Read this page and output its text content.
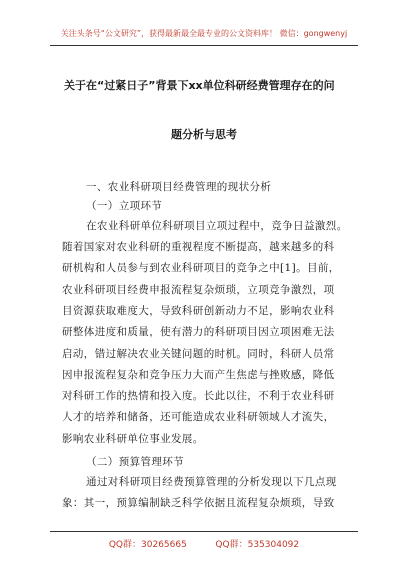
关注头条号“公文研究”，获得最新最全最专业的公文资料库！ 微信：gongwenyj
关于在“过紧日子”背景下xx单位科研经费管理存在的问
题分析与思考
一、农业科研项目经费管理的现状分析
（一）立项环节
在农业科研单位科研项目立项过程中，竞争日益激烈。
随着国家对农业科研的重视程度不断提高，越来越多的科
研机构和人员参与到农业科研项目的竞争之中[1]。目前，
农业科研项目经费申报流程复杂烦琐，立项竞争激烈，项
目资源获取难度大，导致科研创新动力不足，影响农业科
研整体进度和质量，使有潜力的科研项目因立项困难无法
启动，错过解决农业关键问题的时机。同时，科研人员常
因申报流程复杂和竞争压力大而产生焦虑与挫败感，降低
对科研工作的热情和投入度。长此以往，不利于农业科研
人才的培养和储备，还可能造成农业科研领域人才流失，
影响农业科研单位事业发展。
（二）预算管理环节
通过对科研项目经费预算管理的分析发现以下几点现
象：其一，预算编制缺乏科学依据且流程复杂烦琐，导致
QQ群：30265665          QQ群：535304092
